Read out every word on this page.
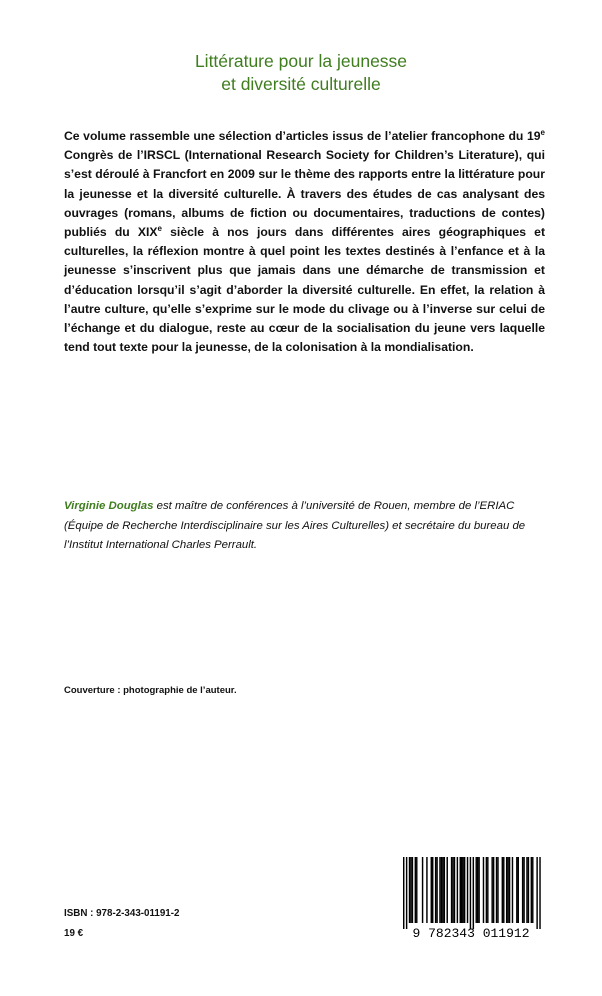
Littérature pour la jeunesse
et diversité culturelle
Ce volume rassemble une sélection d’articles issus de l’atelier francophone du 19e Congrès de l’IRSCL (International Research Society for Children’s Literature), qui s’est déroulé à Francfort en 2009 sur le thème des rapports entre la littérature pour la jeunesse et la diversité culturelle. À travers des études de cas analysant des ouvrages (romans, albums de fiction ou documentaires, traductions de contes) publiés du XIXe siècle à nos jours dans différentes aires géographiques et culturelles, la réflexion montre à quel point les textes destinés à l’enfance et à la jeunesse s’inscrivent plus que jamais dans une démarche de transmission et d’éducation lorsqu’il s’agit d’aborder la diversité culturelle. En effet, la relation à l’autre culture, qu’elle s’exprime sur le mode du clivage ou à l’inverse sur celui de l’échange et du dialogue, reste au cœur de la socialisation du jeune vers laquelle tend tout texte pour la jeunesse, de la colonisation à la mondialisation.
Virginie Douglas est maître de conférences à l’université de Rouen, membre de l’ERIAC (Équipe de Recherche Interdisciplinaire sur les Aires Culturelles) et secrétaire du bureau de l’Institut International Charles Perrault.
Couverture : photographie de l’auteur.
ISBN : 978-2-343-01191-2
19 €	9 782343 011912
